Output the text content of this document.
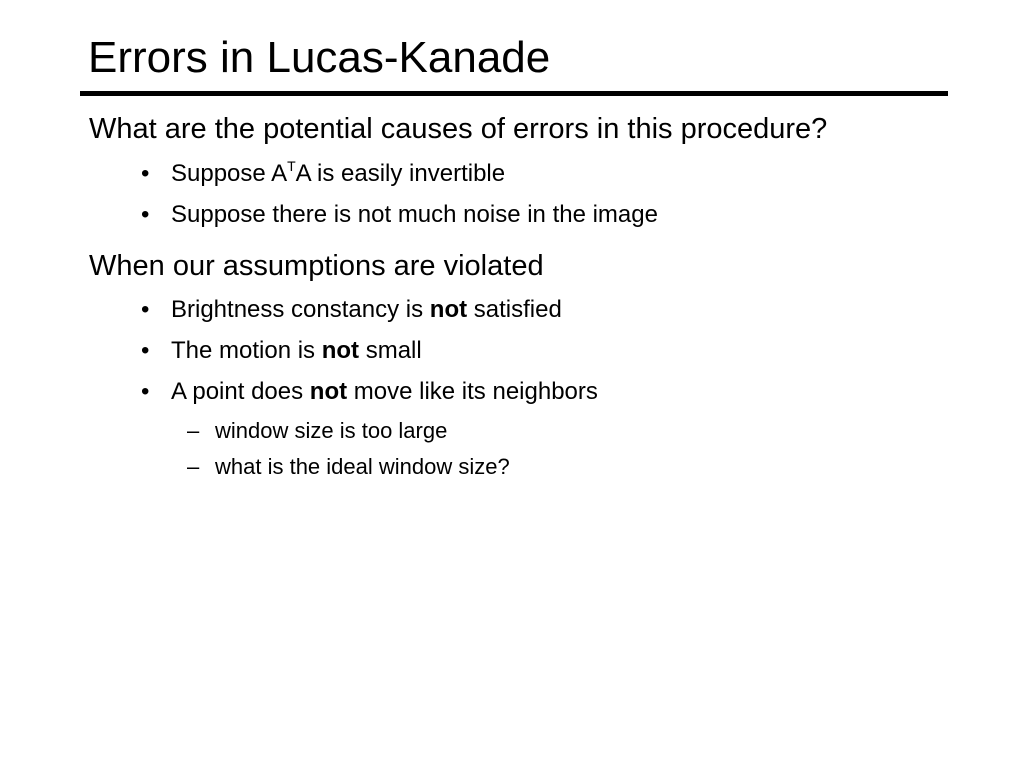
Errors in Lucas-Kanade
What are the potential causes of errors in this procedure?
• Suppose $A^TA$ is easily invertible
• Suppose there is not much noise in the image
When our assumptions are violated
• Brightness constancy is not satisfied
• The motion is not small
• A point does not move like its neighbors
– window size is too large
– what is the ideal window size?
